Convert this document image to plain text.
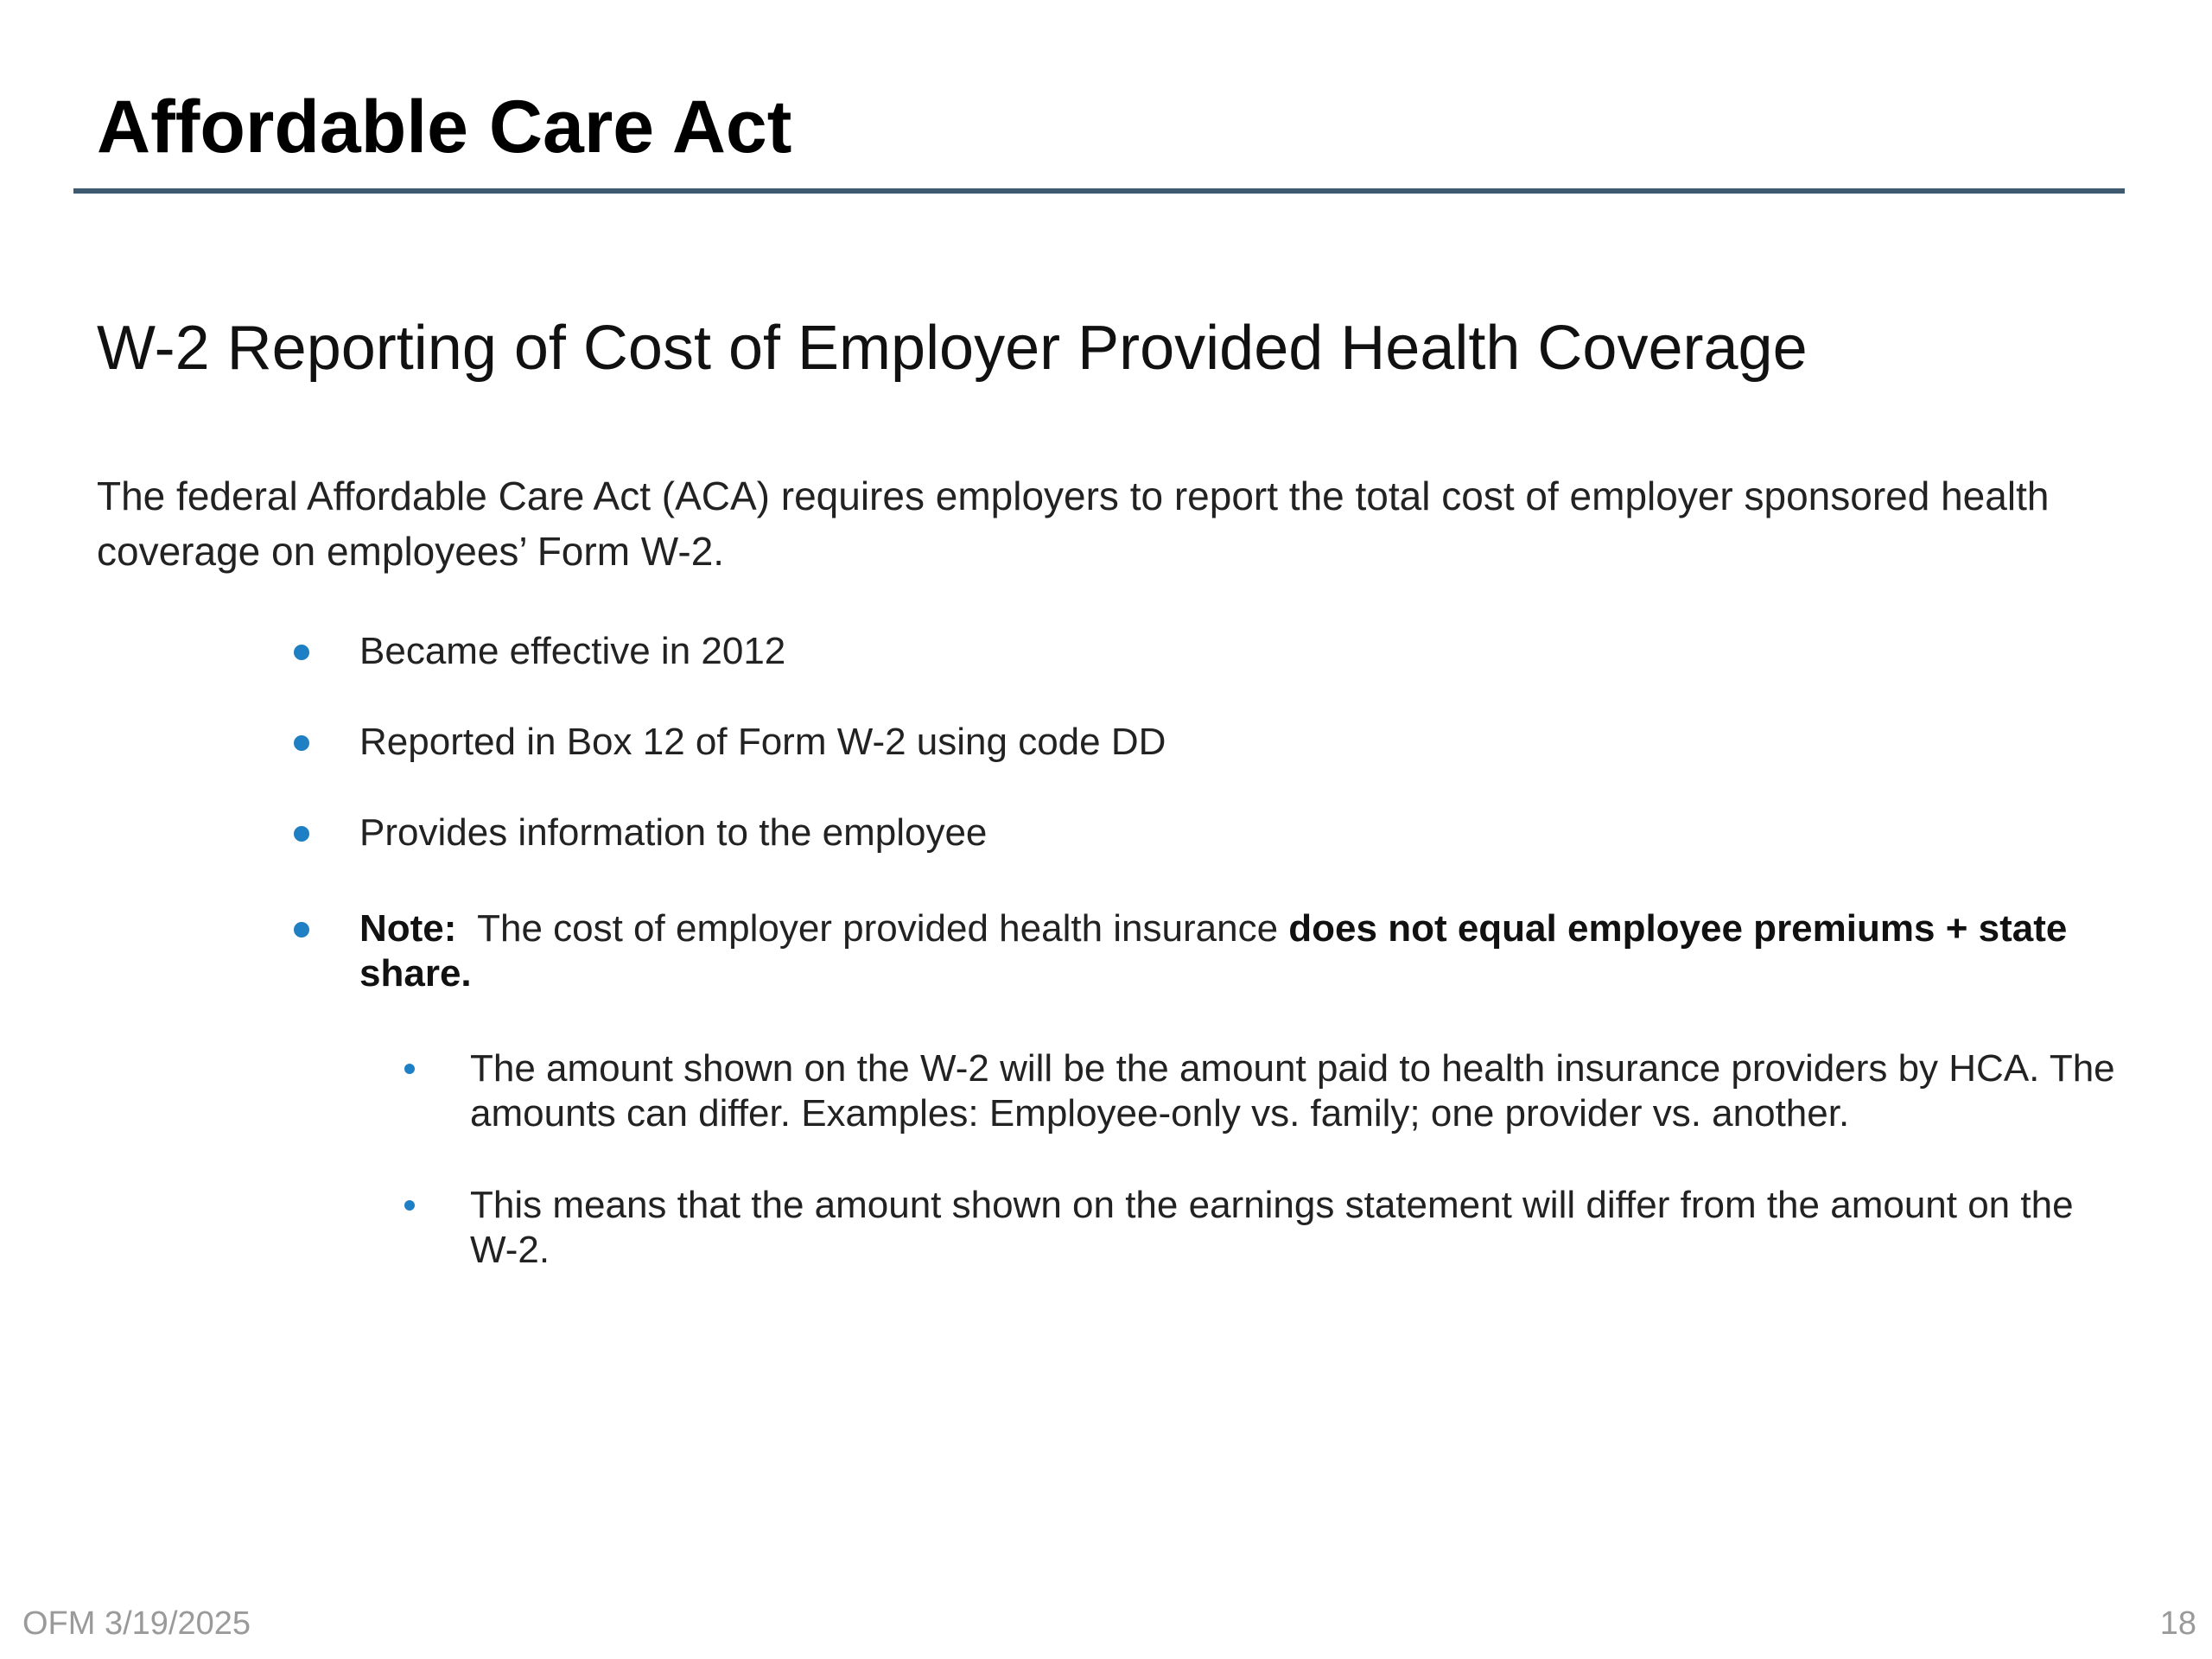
Affordable Care Act
W-2 Reporting of Cost of Employer Provided Health Coverage

The federal Affordable Care Act (ACA) requires employers to report the total cost of employer sponsored health coverage on employees’ Form W-2.

Became effective in 2012
Reported in Box 12 of Form W-2 using code DD
Provides information to the employee
Note:  The cost of employer provided health insurance does not equal employee premiums + state share.
The amount shown on the W-2 will be the amount paid to health insurance providers by HCA. The amounts can differ. Examples: Employee-only vs. family; one provider vs. another.
This means that the amount shown on the earnings statement will differ from the amount on the W-2.
OFM 3/19/2025	18
